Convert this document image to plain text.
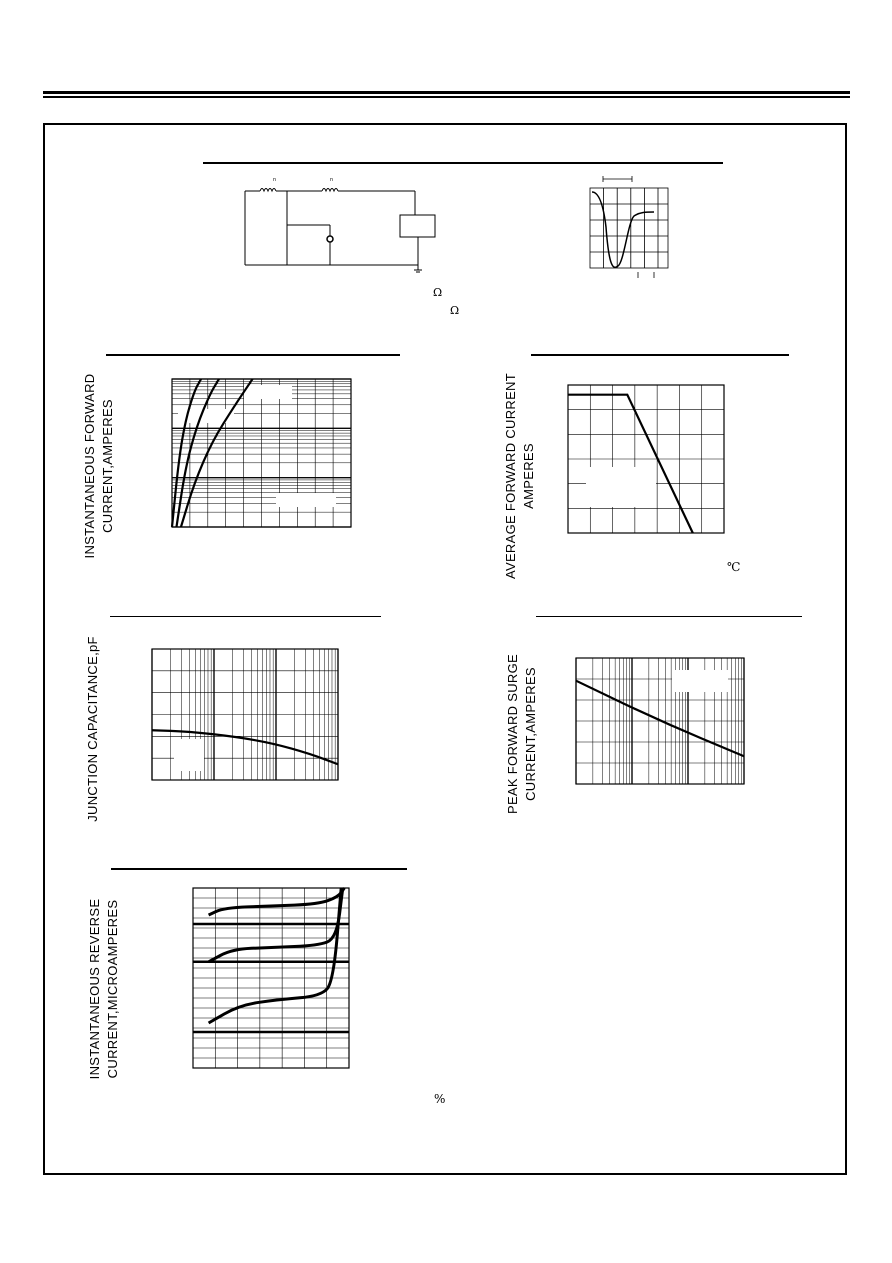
n	n
Ω
Ω
INSTANTANEOUS FORWARD CURRENT,AMPERES	AVERAGE FORWARD CURRENT AMPERES
℃
JUNCTION CAPACITANCE,pF	PEAK FORWARD SURGE CURRENT,AMPERES
INSTANTANEOUS REVERSE CURRENT,MICROAMPERES
%
